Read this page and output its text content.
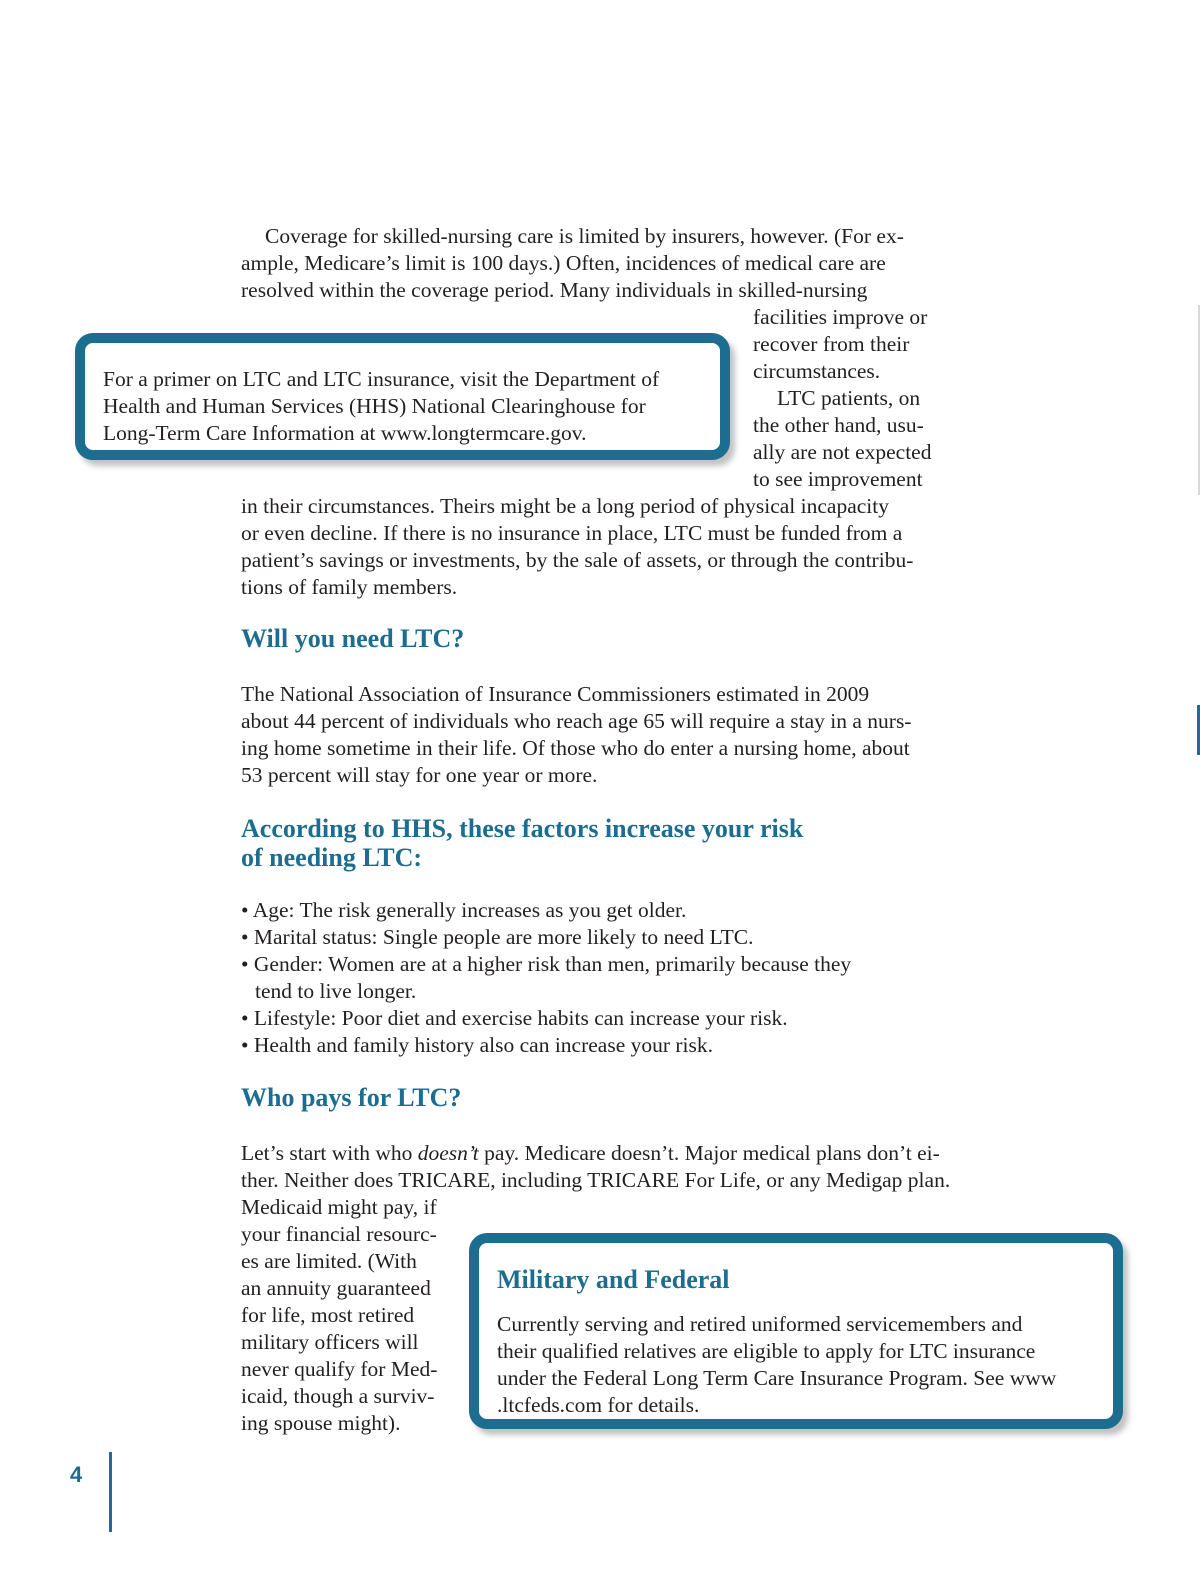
Coverage for skilled-nursing care is limited by insurers, however. (For ex-

ample, Medicare’s limit is 100 days.) Often, incidences of medical care are

resolved within the coverage period. Many individuals in skilled-nursing

facilities improve or

recover from their

circumstances.

LTC patients, on

the other hand, usu-

ally are not expected

to see improvement

For a primer on LTC and LTC insurance, visit the Department of

Health and Human Services (HHS) National Clearinghouse for

Long-Term Care Information at www.longtermcare.gov.

in their circumstances. Theirs might be a long period of physical incapacity

or even decline. If there is no insurance in place, LTC must be funded from a

patient’s savings or investments, by the sale of assets, or through the contribu-

tions of family members.

Will you need LTC?

The National Association of Insurance Commissioners estimated in 2009

about 44 percent of individuals who reach age 65 will require a stay in a nurs-

ing home sometime in their life. Of those who do enter a nursing home, about

53 percent will stay for one year or more.

According to HHS, these factors increase your risk
of needing LTC:

• Age: The risk generally increases as you get older.

• Marital status: Single people are more likely to need LTC.

• Gender: Women are at a higher risk than men, primarily because they

tend to live longer.

• Lifestyle: Poor diet and exercise habits can increase your risk.

• Health and family history also can increase your risk.

Who pays for LTC?

Let’s start with who doesn’t pay. Medicare doesn’t. Major medical plans don’t ei-

ther. Neither does TRICARE, including TRICARE For Life, or any Medigap plan.

Medicaid might pay, if

your financial resourc-

es are limited. (With

an annuity guaranteed

for life, most retired

military officers will

never qualify for Med-

icaid, though a surviv-

ing spouse might).

Military and Federal

Currently serving and retired uniformed servicemembers and

their qualified relatives are eligible to apply for LTC insurance

under the Federal Long Term Care Insurance Program. See www

.ltcfeds.com for details.

4
